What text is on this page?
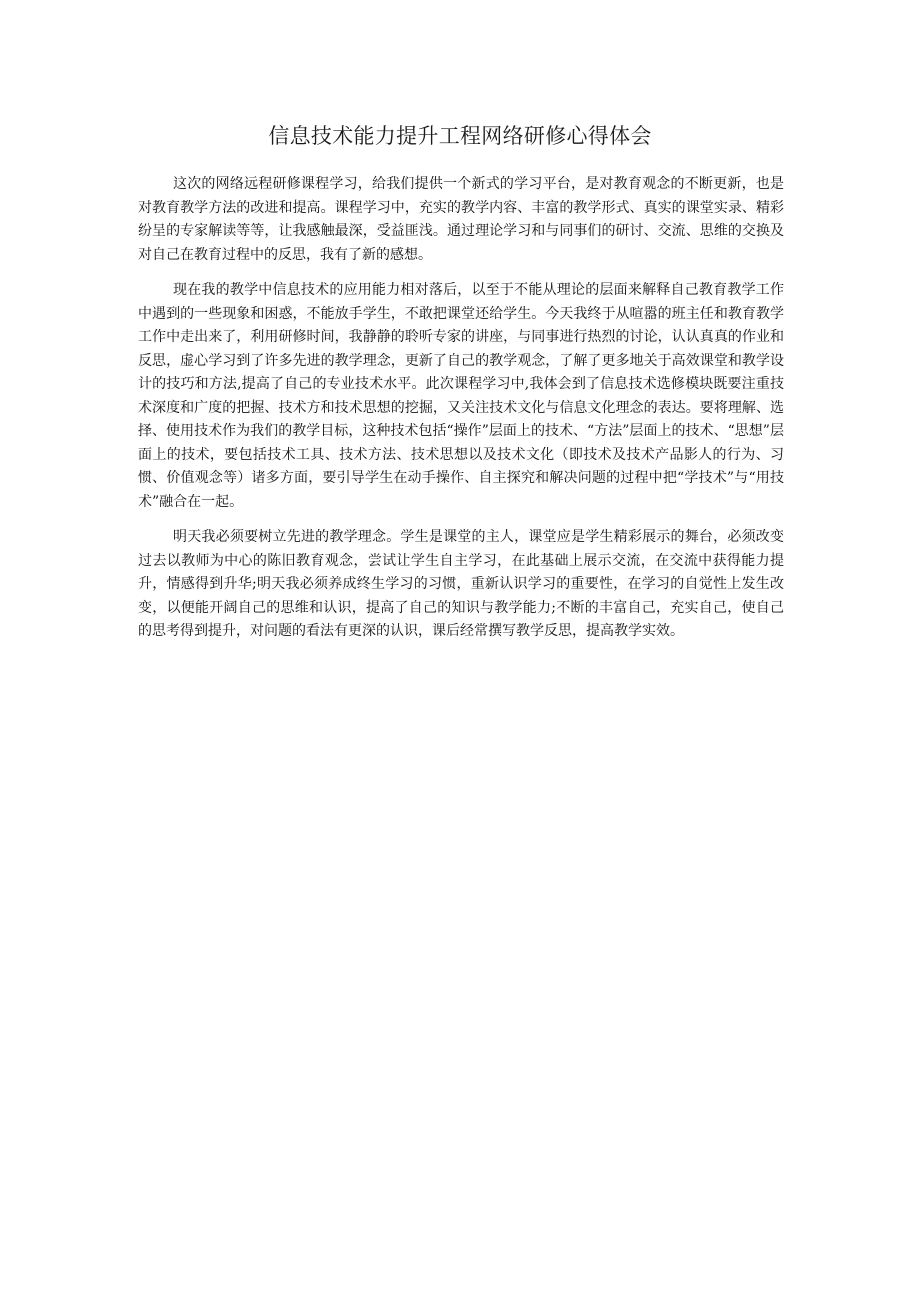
信息技术能力提升工程网络研修心得体会

这次的网络远程研修课程学习，给我们提供一个新式的学习平台，是对教育观念的不断更新，也是对教育教学方法的改进和提高。课程学习中，充实的教学内容、丰富的教学形式、真实的课堂实录、精彩纷呈的专家解读等等，让我感触最深，受益匪浅。通过理论学习和与同事们的研讨、交流、思维的交换及对自己在教育过程中的反思，我有了新的感想。

现在我的教学中信息技术的应用能力相对落后，以至于不能从理论的层面来解释自己教育教学工作中遇到的一些现象和困惑，不能放手学生，不敢把课堂还给学生。今天我终于从喧嚣的班主任和教育教学工作中走出来了，利用研修时间，我静静的聆听专家的讲座，与同事进行热烈的讨论，认认真真的作业和反思，虚心学习到了许多先进的教学理念，更新了自己的教学观念，了解了更多地关于高效课堂和教学设计的技巧和方法,提高了自己的专业技术水平。此次课程学习中,我体会到了信息技术选修模块既要注重技术深度和广度的把握、技术方和技术思想的挖掘，又关注技术文化与信息文化理念的表达。要将理解、选择、使用技术作为我们的教学目标，这种技术包括“操作”层面上的技术、“方法”层面上的技术、“思想”层面上的技术，要包括技术工具、技术方法、技术思想以及技术文化（即技术及技术产品影人的行为、习惯、价值观念等）诸多方面，要引导学生在动手操作、自主探究和解决问题的过程中把“学技术”与“用技术”融合在一起。

明天我必须要树立先进的教学理念。学生是课堂的主人，课堂应是学生精彩展示的舞台，必须改变过去以教师为中心的陈旧教育观念，尝试让学生自主学习，在此基础上展示交流，在交流中获得能力提升，情感得到升华;明天我必须养成终生学习的习惯，重新认识学习的重要性，在学习的自觉性上发生改变，以便能开阔自己的思维和认识，提高了自己的知识与教学能力;不断的丰富自己，充实自己，使自己的思考得到提升，对问题的看法有更深的认识，课后经常撰写教学反思，提高教学实效。
